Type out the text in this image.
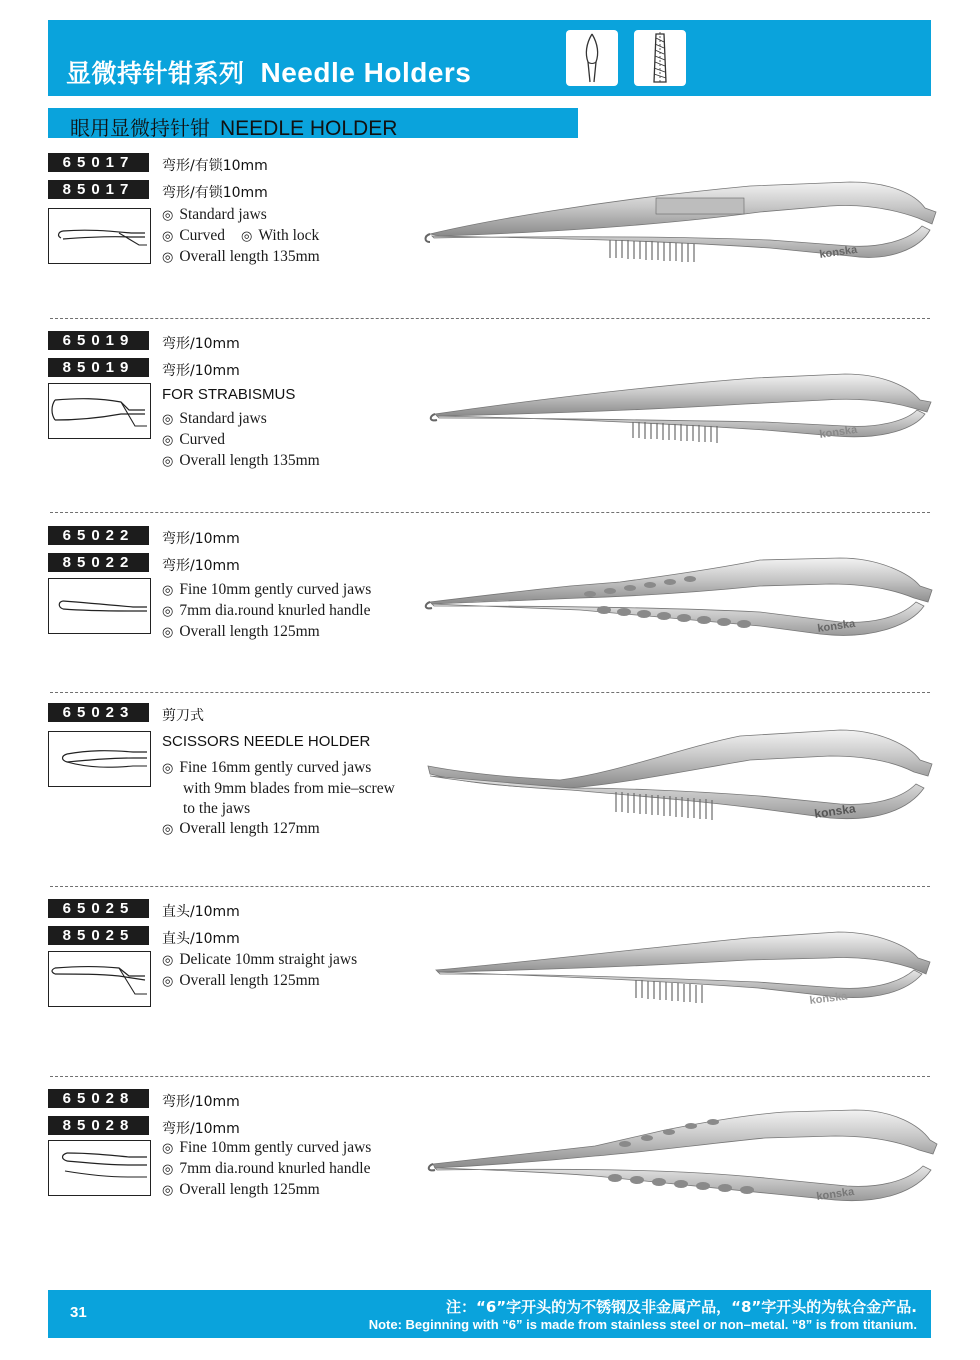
显微持针钳系列 Needle Holders
眼用显微持针钳 NEEDLE HOLDER
65017	弯形/有锁10mm
85017	弯形/有锁10mm
◎ Standard jaws
◎ Curved ◎ With lock
◎ Overall length 135mm	konska
65019	弯形/10mm
85019	弯形/10mm
FOR STRABISMUS
◎ Standard jaws
◎ Curved
◎ Overall length 135mm
konska
65022	弯形/10mm
85022	弯形/10mm
◎ Fine 10mm gently curved jaws
◎ 7mm dia.round knurled handle
◎ Overall length 125mm	konska
65023	剪刀式
SCISSORS NEEDLE HOLDER
◎ Fine 16mm gently curved jaws
with 9mm blades from mie–screw
to the jaws
◎ Overall length 127mm
konska
65025	直头/10mm
85025	直头/10mm
◎ Delicate 10mm straight jaws
◎ Overall length 125mm
konska
65028	弯形/10mm
85028	弯形/10mm
◎ Fine 10mm gently curved jaws
◎ 7mm dia.round knurled handle
◎ Overall length 125mm	konska
31	注：“6”字开头的为不锈钢及非金属产品，“8”字开头的为钛合金产品.
Note: Beginning with “6” is made from stainless steel or non–metal. “8” is from titanium.
